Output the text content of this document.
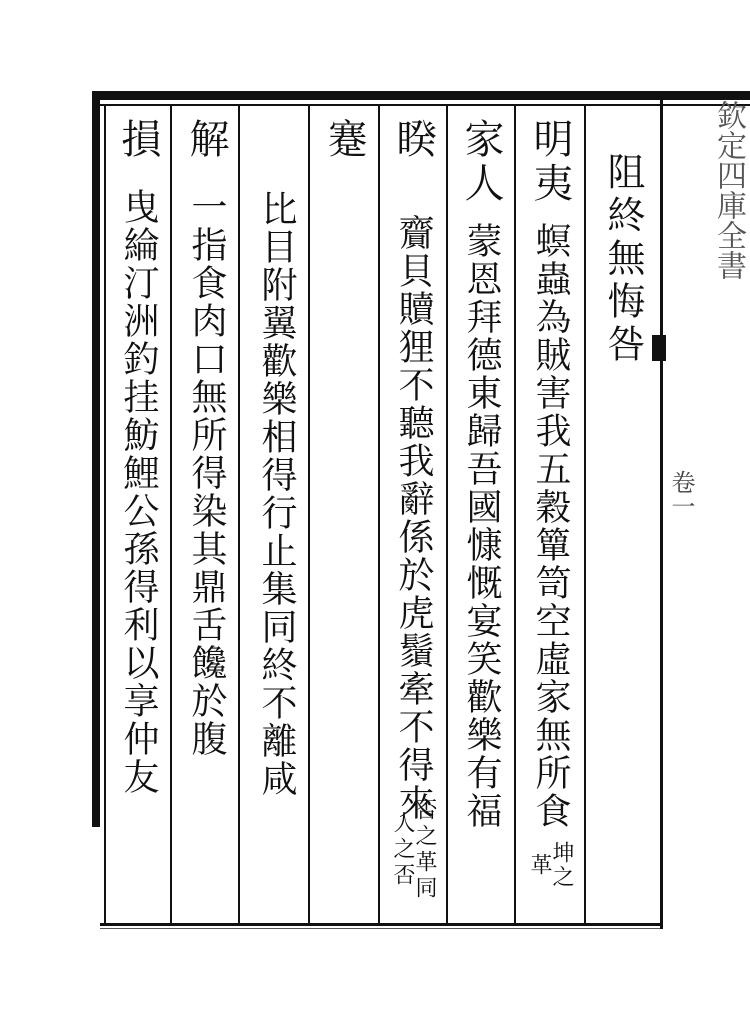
阻終無悔咎
明夷
螟蟲為賊害我五穀簞笥空虛家無所食
坤之革
家人
蒙恩拜德東歸吾國慷慨宴笑歡樂有福
睽
齎貝贖狸不聽我辭係於虎鬚牽不得來
否之革同人之否
蹇
比目附翼歡樂相得行止集同終不離咸
解
一指食肉口無所得染其鼎舌饞於腹
損
曳綸汀洲釣挂魴鯉公孫得利以享仲友	欽定四庫全書
卷一
